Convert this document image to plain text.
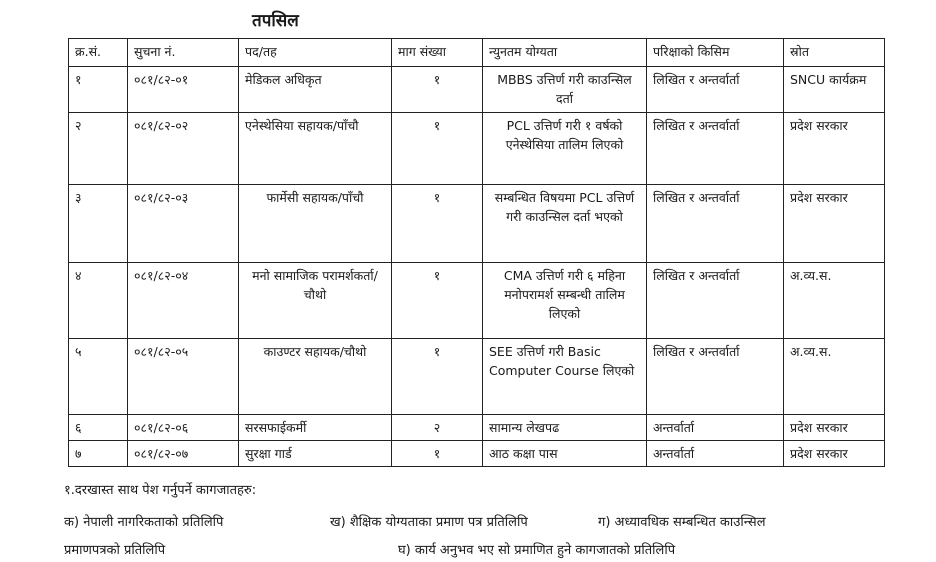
तपसिल
क्र.सं.	सुचना नं.	पद/तह	माग संख्या	न्युनतम योग्यता	परिक्षाको किसिम	स्रोत
१	०८१/८२-०१	मेडिकल अधिकृत	१	MBBS उत्तिर्ण गरी काउन्सिल दर्ता	लिखित र अन्तर्वार्ता	SNCU कार्यक्रम
२	०८१/८२-०२	एनेस्थेसिया सहायक/पाँचौ	१	PCL उत्तिर्ण गरी १ वर्षको एनेस्थेसिया तालिम लिएको	लिखित र अन्तर्वार्ता	प्रदेश सरकार
३	०८१/८२-०३	फार्मेसी सहायक/पाँचौ	१	सम्बन्धित विषयमा PCL उत्तिर्ण गरी काउन्सिल दर्ता भएको	लिखित र अन्तर्वार्ता	प्रदेश सरकार
४	०८१/८२-०४	मनो सामाजिक परामर्शकर्ता/चौथो	१	CMA उत्तिर्ण गरी ६ महिना मनोपरामर्श सम्बन्धी तालिम लिएको	लिखित र अन्तर्वार्ता	अ.व्य.स.
५	०८१/८२-०५	काउण्टर सहायक/चौथो	१	SEE उत्तिर्ण गरी Basic Computer Course लिएको	लिखित र अन्तर्वार्ता	अ.व्य.स.
६	०८१/८२-०६	सरसफाईकर्मी	२	सामान्य लेखपढ	अन्तर्वार्ता	प्रदेश सरकार
७	०८१/८२-०७	सुरक्षा गार्ड	१	आठ कक्षा पास	अन्तर्वार्ता	प्रदेश सरकार
१.दरखास्त साथ पेश गर्नुपर्ने कागजातहरु:
क) नेपाली नागरिकताको प्रतिलिपि	ख) शैक्षिक योग्यताका प्रमाण पत्र प्रतिलिपि	ग) अध्यावधिक सम्बन्धित काउन्सिल
प्रमाणपत्रको प्रतिलिपि	घ) कार्य अनुभव भए सो प्रमाणित हुने कागजातको प्रतिलिपि
